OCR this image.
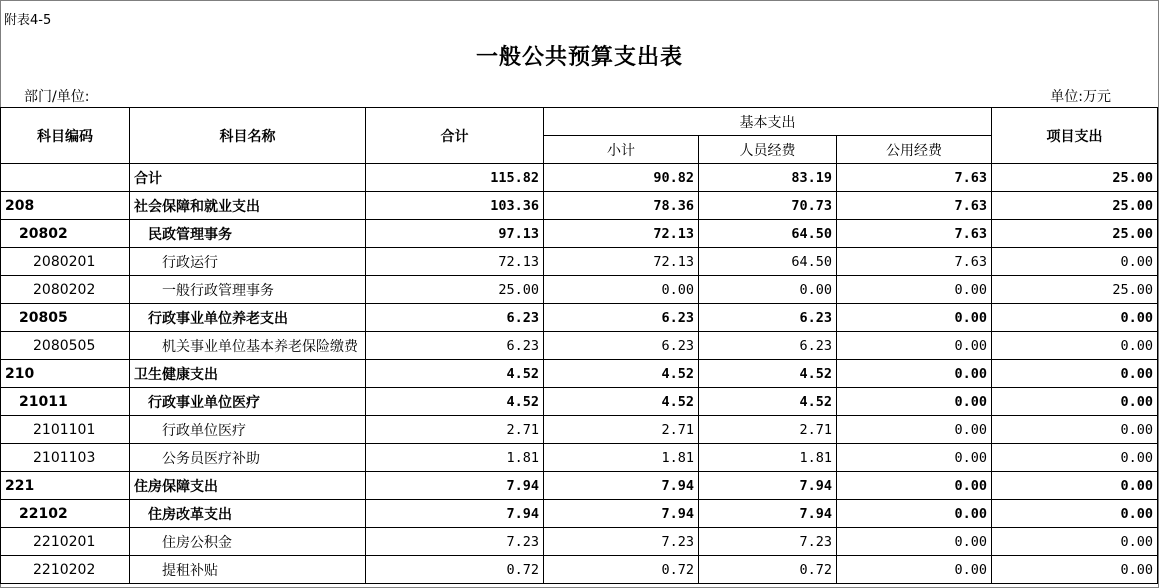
附表4-5
一般公共预算支出表
部门/单位:	单位:万元
科目编码	科目名称	合计	基本支出			项目支出
			小计	人员经费	公用经费	
	合计	115.82	90.82	83.19	7.63	25.00
208	社会保障和就业支出	103.36	78.36	70.73	7.63	25.00
20802	民政管理事务	97.13	72.13	64.50	7.63	25.00
2080201	行政运行	72.13	72.13	64.50	7.63	0.00
2080202	一般行政管理事务	25.00	0.00	0.00	0.00	25.00
20805	行政事业单位养老支出	6.23	6.23	6.23	0.00	0.00
2080505	机关事业单位基本养老保险缴费	6.23	6.23	6.23	0.00	0.00
210	卫生健康支出	4.52	4.52	4.52	0.00	0.00
21011	行政事业单位医疗	4.52	4.52	4.52	0.00	0.00
2101101	行政单位医疗	2.71	2.71	2.71	0.00	0.00
2101103	公务员医疗补助	1.81	1.81	1.81	0.00	0.00
221	住房保障支出	7.94	7.94	7.94	0.00	0.00
22102	住房改革支出	7.94	7.94	7.94	0.00	0.00
2210201	住房公积金	7.23	7.23	7.23	0.00	0.00
2210202	提租补贴	0.72	0.72	0.72	0.00	0.00
